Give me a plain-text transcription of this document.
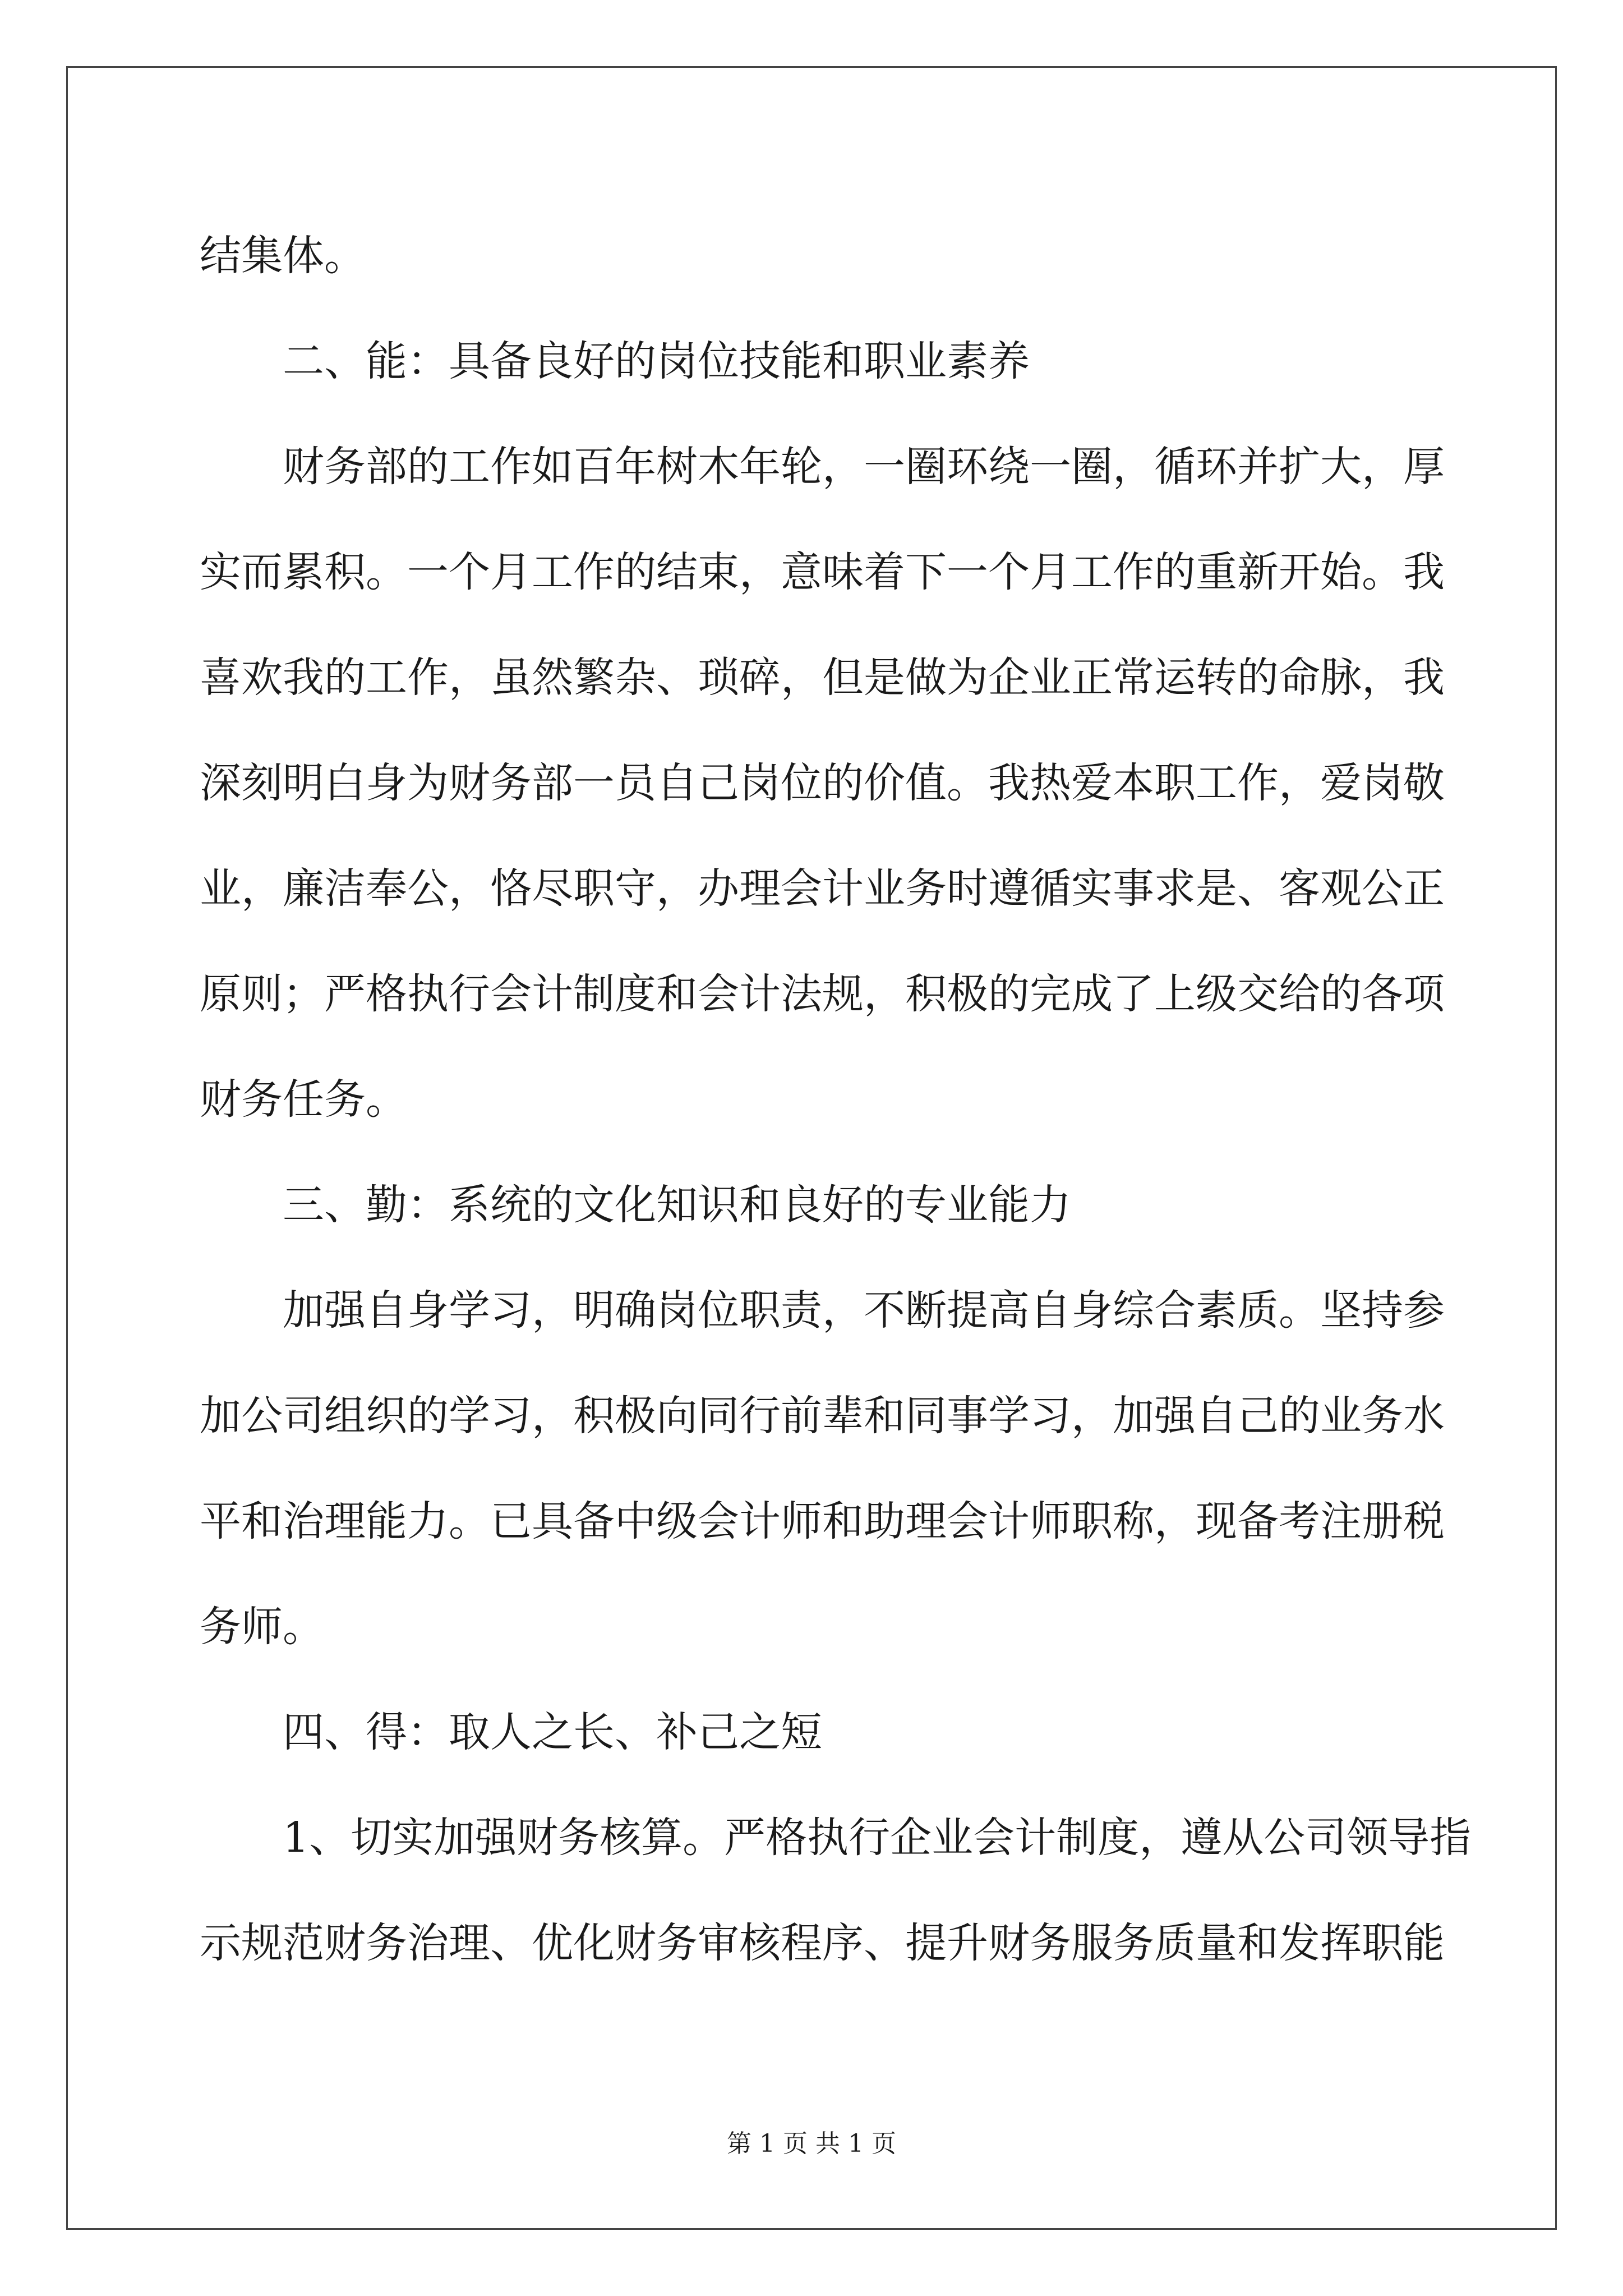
结集体。
二、能：具备良好的岗位技能和职业素养
财务部的工作如百年树木年轮，一圈环绕一圈，循环并扩大，厚
实而累积。一个月工作的结束，意味着下一个月工作的重新开始。我
喜欢我的工作，虽然繁杂、琐碎，但是做为企业正常运转的命脉，我
深刻明白身为财务部一员自己岗位的价值。我热爱本职工作，爱岗敬
业，廉洁奉公，恪尽职守，办理会计业务时遵循实事求是、客观公正
原则；严格执行会计制度和会计法规，积极的完成了上级交给的各项
财务任务。
三、勤：系统的文化知识和良好的专业能力
加强自身学习，明确岗位职责，不断提高自身综合素质。坚持参
加公司组织的学习，积极向同行前辈和同事学习，加强自己的业务水
平和治理能力。已具备中级会计师和助理会计师职称，现备考注册税
务师。
四、得：取人之长、补己之短
1、切实加强财务核算。严格执行企业会计制度，遵从公司领导指
示规范财务治理、优化财务审核程序、提升财务服务质量和发挥职能
第 1 页 共 1 页
